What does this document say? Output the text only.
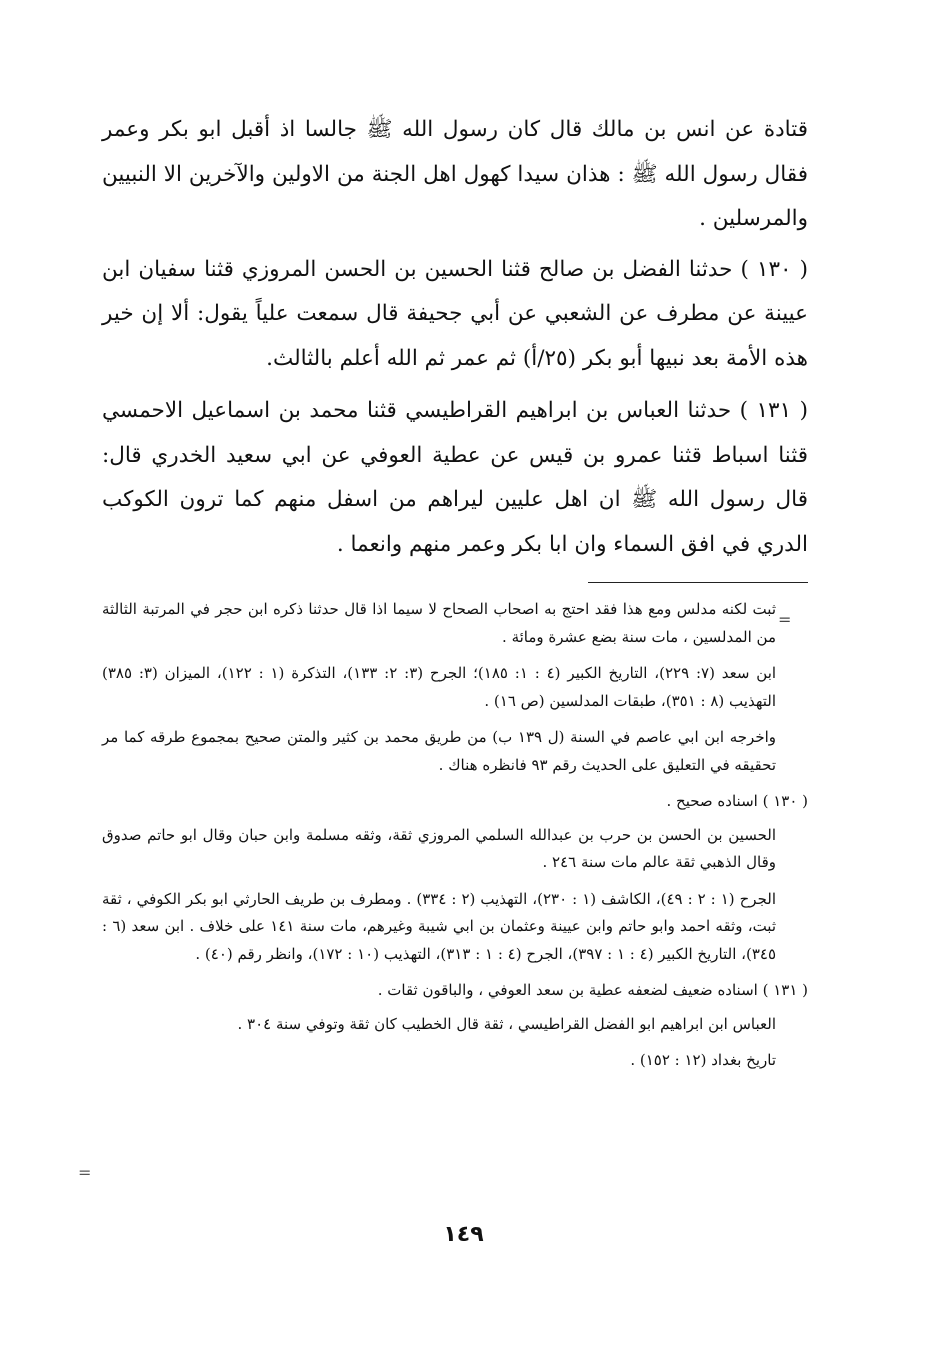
قتادة عن انس بن مالك قال كان رسول الله ﷺ جالسا اذ أقبل ابو بكر وعمر فقال رسول الله ﷺ : هذان سيدا كهول اهل الجنة من الاولين والآخرين الا النبيين والمرسلين .

( ١٣٠ ) حدثنا الفضل بن صالح قثنا الحسين بن الحسن المروزي قثنا سفيان ابن عيينة عن مطرف عن الشعبي عن أبي جحيفة قال سمعت علياً يقول: ألا إن خير هذه الأمة بعد نبيها أبو بكر (٢٥/أ) ثم عمر ثم الله أعلم بالثالث.

( ١٣١ ) حدثنا العباس بن ابراهيم القراطيسي قثنا محمد بن اسماعيل الاحمسي قثنا اسباط قثنا عمرو بن قيس عن عطية العوفي عن ابي سعيد الخدري قال: قال رسول الله ﷺ ان اهل عليين ليراهم من اسفل منهم كما ترون الكوكب الدري في افق السماء وان ابا بكر وعمر منهم وانعما .

=

ثبت لكنه مدلس ومع هذا فقد احتج به اصحاب الصحاح لا سيما اذا قال حدثنا ذكره ابن حجر في المرتبة الثالثة من المدلسين ، مات سنة بضع عشرة ومائة .

ابن سعد (٧: ٢٢٩)، التاريخ الكبير (٤ : ١: ١٨٥)؛ الجرح (٣: ٢: ١٣٣)، التذكرة (١ : ١٢٢)، الميزان (٣: ٣٨٥) التهذيب (٨ : ٣٥١)، طبقات المدلسين (ص ١٦) .

واخرجه ابن ابي عاصم في السنة (ل ١٣٩ ب) من طريق محمد بن كثير والمتن صحيح بمجموع طرقه كما مر تحقيقه في التعليق على الحديث رقم ٩٣ فانظره هناك .

( ١٣٠ ) اسناده صحيح .

الحسين بن الحسن بن حرب بن عبدالله السلمي المروزي ثقة، وثقه مسلمة وابن حبان وقال ابو حاتم صدوق وقال الذهبي ثقة عالم مات سنة ٢٤٦ .

الجرح (١ : ٢ : ٤٩)، الكاشف (١ : ٢٣٠)، التهذيب (٢ : ٣٣٤) . ومطرف بن طريف الحارثي ابو بكر الكوفي ، ثقة ثبت، وثقه احمد وابو حاتم وابن عيينة وعثمان بن ابي شيبة وغيرهم، مات سنة ١٤١ على خلاف . ابن سعد (٦ : ٣٤٥)، التاريخ الكبير (٤ : ١ : ٣٩٧)، الجرح (٤ : ١ : ٣١٣)، التهذيب (١٠ : ١٧٢)، وانظر رقم (٤٠) .

( ١٣١ ) اسناده ضعيف لضعفه عطية بن سعد العوفي ، والباقون ثقات .

العباس ابن ابراهيم ابو الفضل القراطيسي ، ثقة قال الخطيب كان ثقة وتوفي سنة ٣٠٤ .

تاريخ بغداد (١٢ : ١٥٢) .

=
١٤٩
